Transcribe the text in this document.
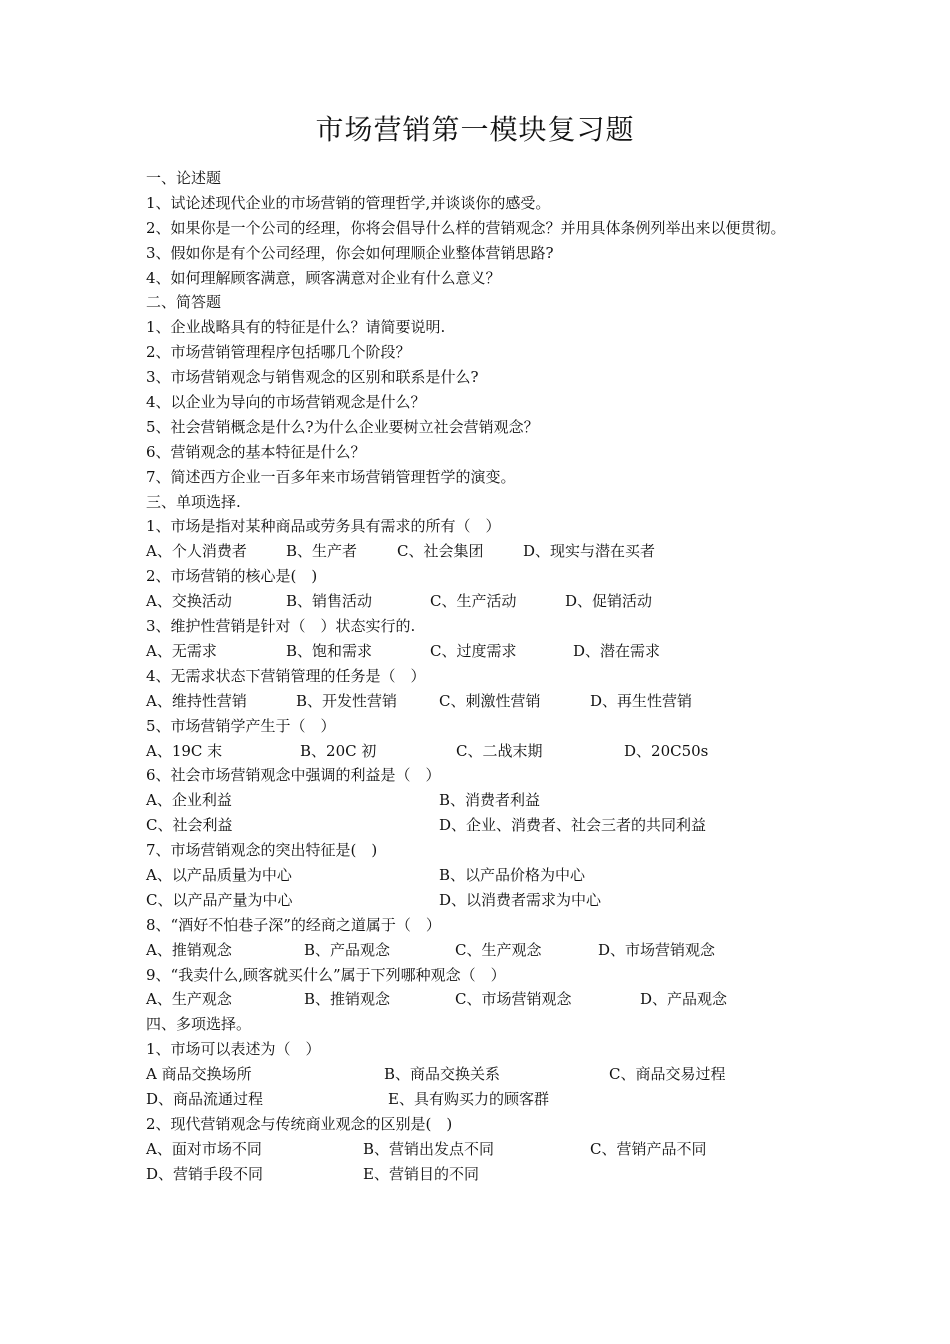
市场营销第一模块复习题
一、论述题
1、试论述现代企业的市场营销的管理哲学,并谈谈你的感受。
2、如果你是一个公司的经理，你将会倡导什么样的营销观念？并用具体条例列举出来以便贯彻。
3、假如你是有个公司经理，你会如何理顺企业整体营销思路?
4、如何理解顾客满意，顾客满意对企业有什么意义？
二、简答题
1、企业战略具有的特征是什么？请简要说明.
2、市场营销管理程序包括哪几个阶段？
3、市场营销观念与销售观念的区别和联系是什么?
4、以企业为导向的市场营销观念是什么？
5、社会营销概念是什么?为什么企业要树立社会营销观念？
6、营销观念的基本特征是什么？
7、简述西方企业一百多年来市场营销管理哲学的演变。
三、单项选择.
1、市场是指对某种商品或劳务具有需求的所有（　）
A、个人消费者	B、生产者	C、社会集团	D、现实与潜在买者
2、市场营销的核心是(　)
A、交换活动	B、销售活动	C、生产活动	D、促销活动
3、维护性营销是针对（　）状态实行的.
A、无需求	B、饱和需求	C、过度需求	D、潜在需求
4、无需求状态下营销管理的任务是（　）
A、维持性营销	B、开发性营销	C、刺激性营销	D、再生性营销
5、市场营销学产生于（　）
A、19C 末	B、20C 初	C、二战末期	D、20C50s
6、社会市场营销观念中强调的利益是（　）
A、企业利益	B、消费者利益
C、社会利益	D、企业、消费者、社会三者的共同利益
7、市场营销观念的突出特征是(　)
A、以产品质量为中心	B、以产品价格为中心
C、以产品产量为中心	D、以消费者需求为中心
8、“酒好不怕巷子深”的经商之道属于（　）
A、推销观念	B、产品观念	C、生产观念	D、市场营销观念
9、“我卖什么,顾客就买什么”属于下列哪种观念（　）
A、生产观念	B、推销观念	C、市场营销观念	D、产品观念
四、多项选择。
1、市场可以表述为（　）
A 商品交换场所	B、商品交换关系	C、商品交易过程
D、商品流通过程	E、具有购买力的顾客群
2、现代营销观念与传统商业观念的区别是(　)
A、面对市场不同	B、营销出发点不同	C、营销产品不同
D、营销手段不同	E、营销目的不同
